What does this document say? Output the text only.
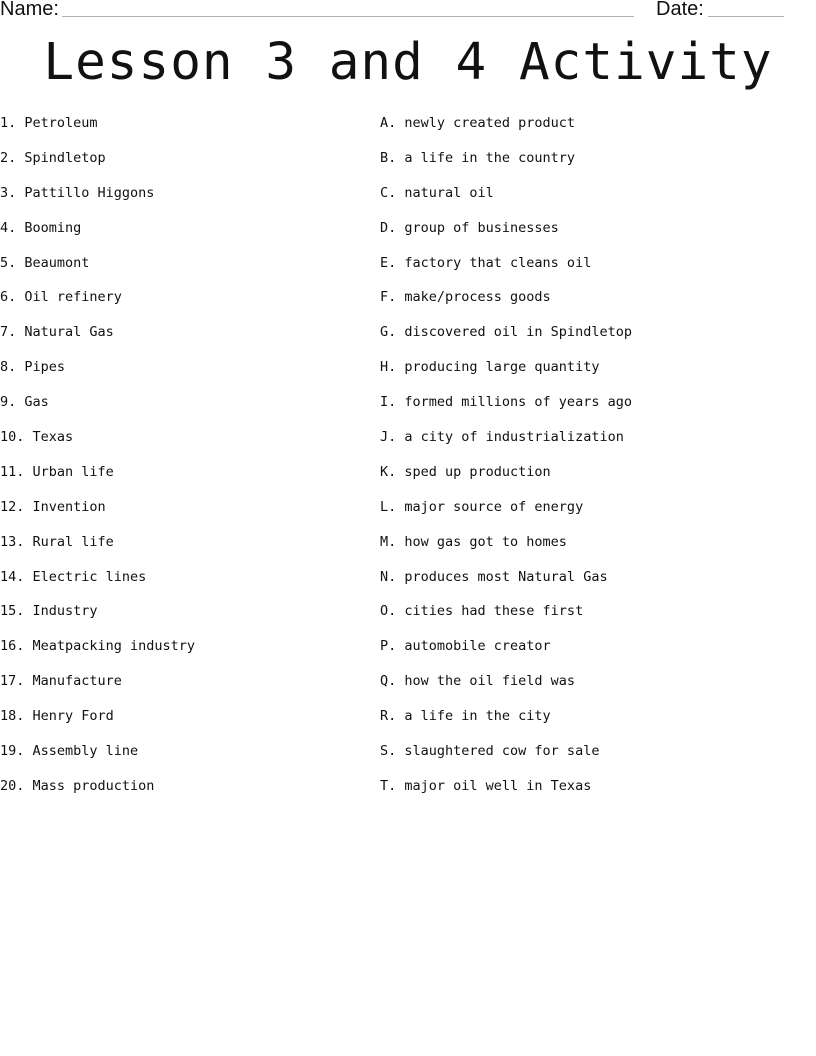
Name:	Date:
Lesson 3 and 4 Activity
1. Petroleum
2. Spindletop
3. Pattillo Higgons
4. Booming
5. Beaumont
6. Oil refinery
7. Natural Gas
8. Pipes
9. Gas
10. Texas
11. Urban life
12. Invention
13. Rural life
14. Electric lines
15. Industry
16. Meatpacking industry
17. Manufacture
18. Henry Ford
19. Assembly line
20. Mass production
A. newly created product
B. a life in the country
C. natural oil
D. group of businesses
E. factory that cleans oil
F. make/process goods
G. discovered oil in Spindletop
H. producing large quantity
I. formed millions of years ago
J. a city of industrialization
K. sped up production
L. major source of energy
M. how gas got to homes
N. produces most Natural Gas
O. cities had these first
P. automobile creator
Q. how the oil field was
R. a life in the city
S. slaughtered cow for sale
T. major oil well in Texas
